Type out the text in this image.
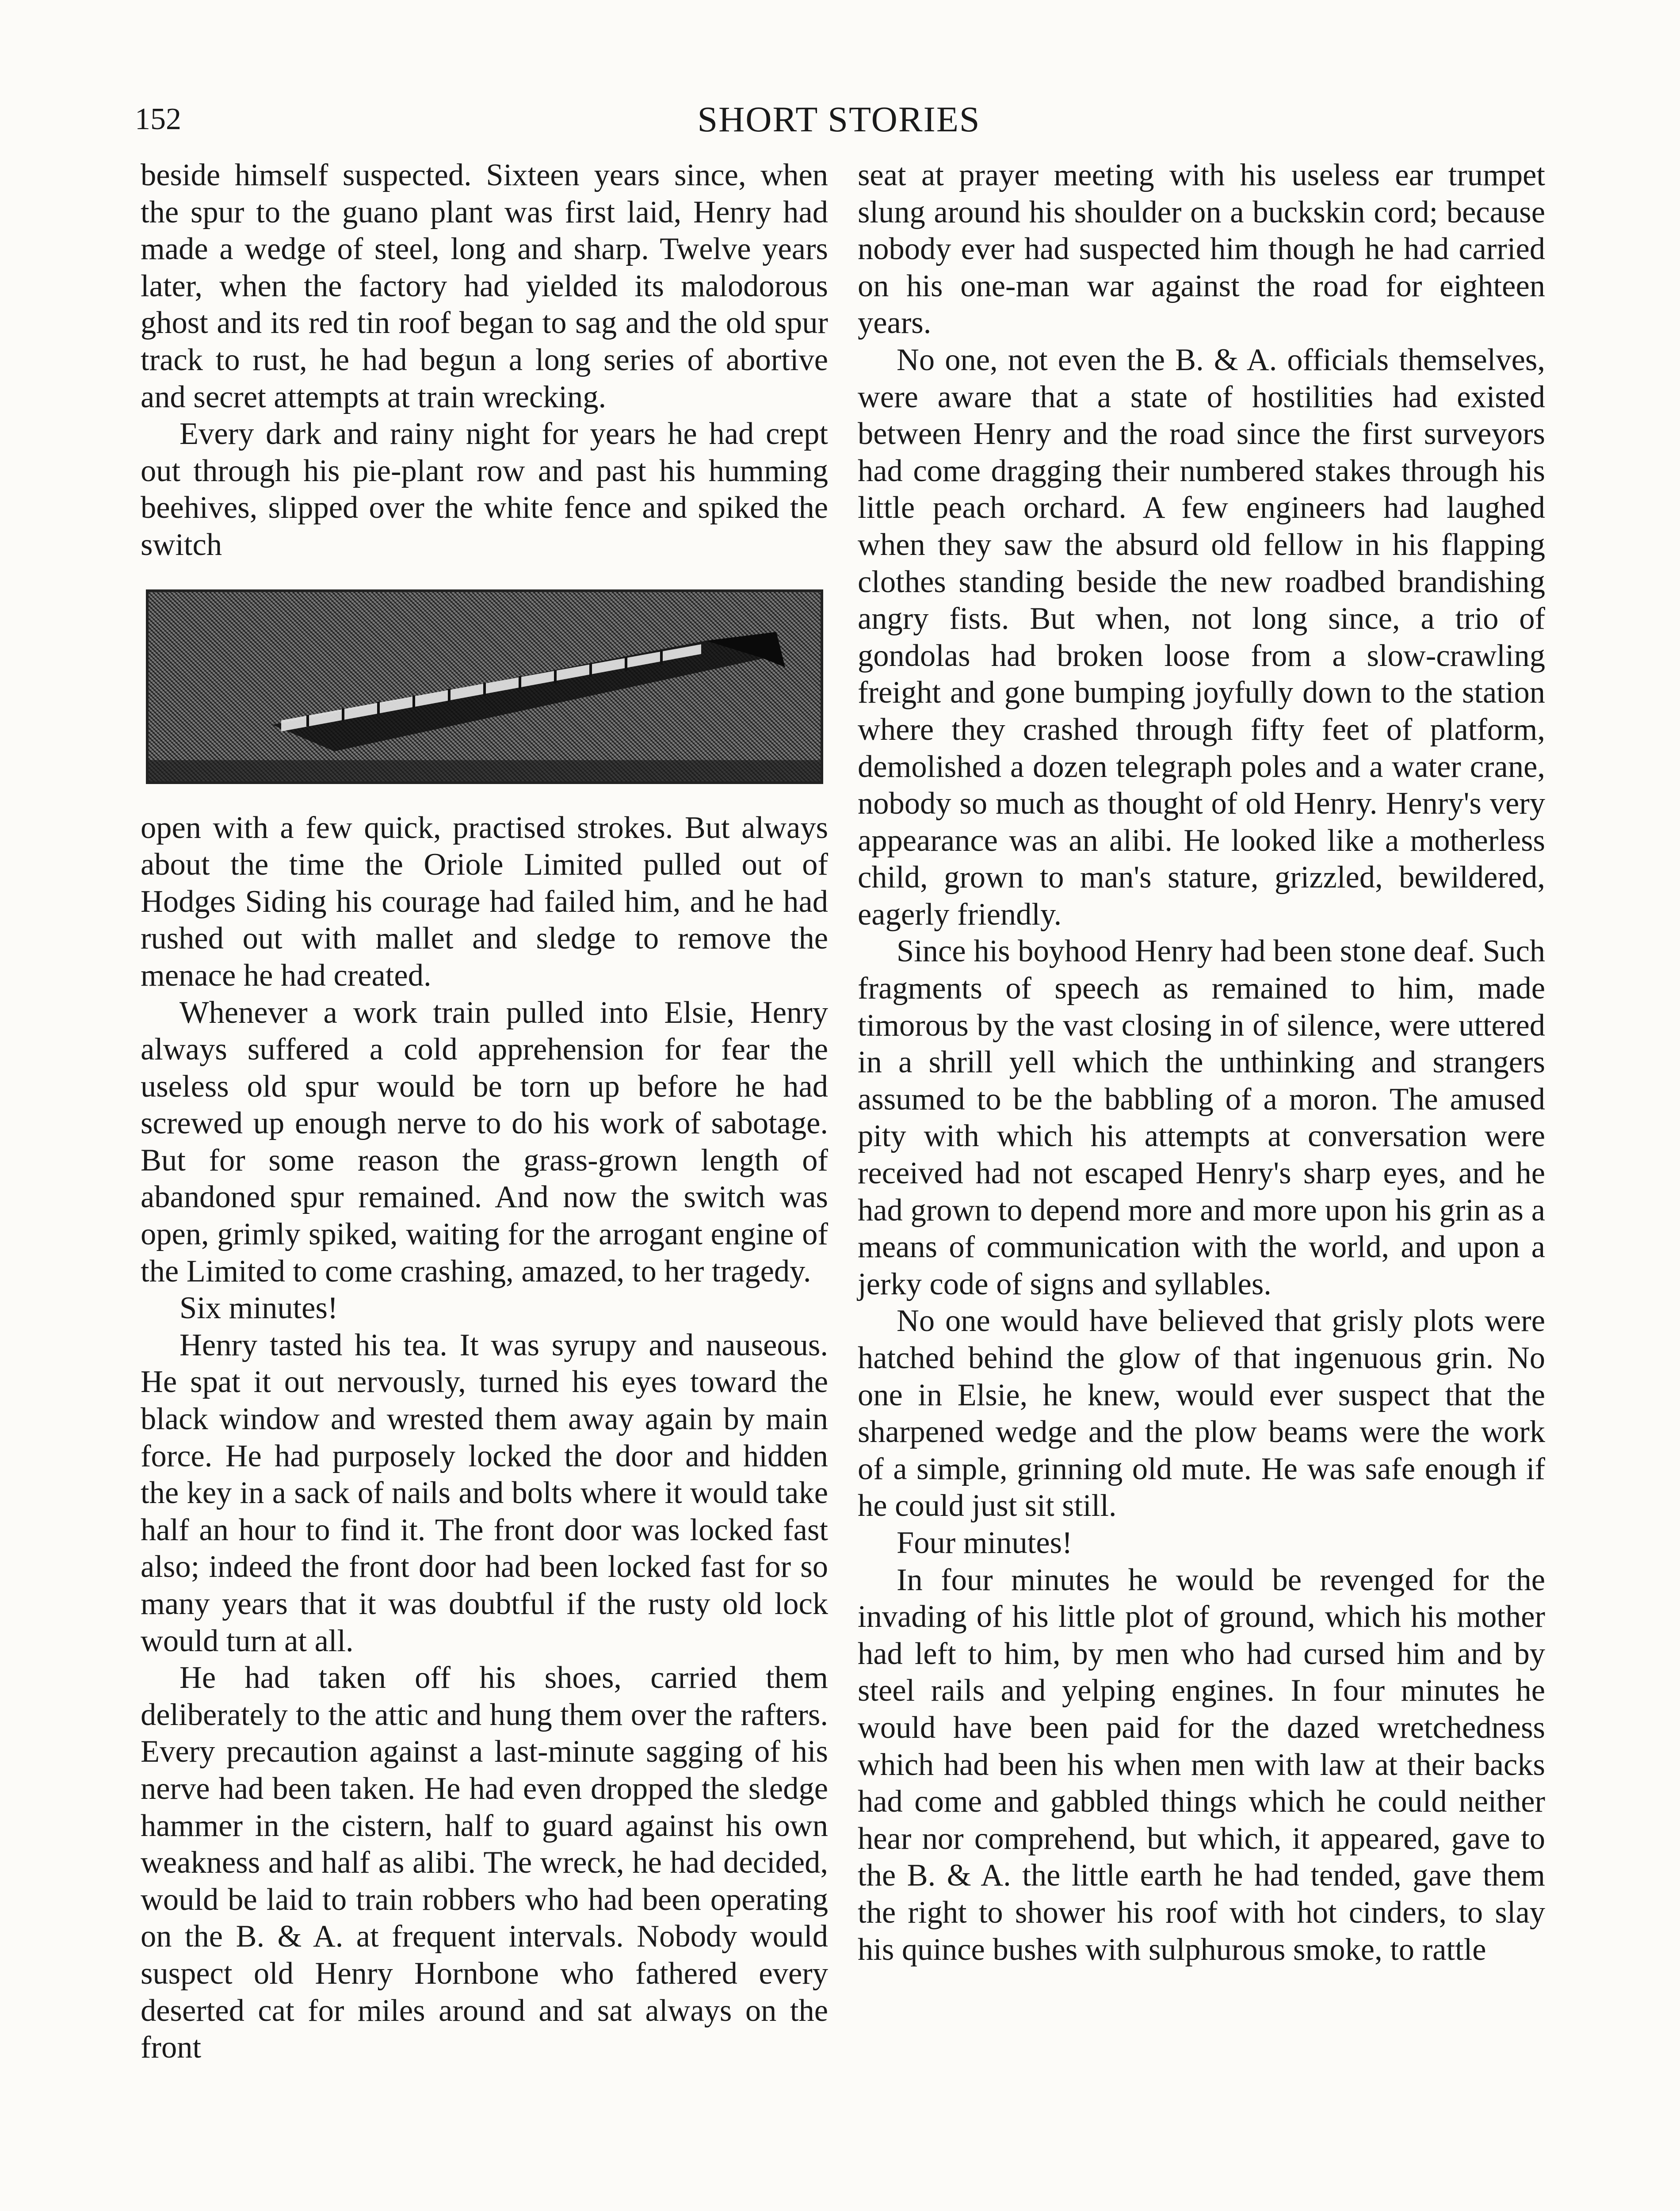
152	SHORT STORIES

beside himself suspected. Sixteen years since, when the spur to the guano plant was first laid, Henry had made a wedge of steel, long and sharp. Twelve years later, when the factory had yielded its malodorous ghost and its red tin roof began to sag and the old spur track to rust, he had begun a long series of abortive and secret attempts at train wrecking.

Every dark and rainy night for years he had crept out through his pie-plant row and past his humming beehives, slipped over the white fence and spiked the switch

open with a few quick, practised strokes. But always about the time the Oriole Limited pulled out of Hodges Siding his courage had failed him, and he had rushed out with mallet and sledge to remove the menace he had created.

Whenever a work train pulled into Elsie, Henry always suffered a cold apprehension for fear the useless old spur would be torn up before he had screwed up enough nerve to do his work of sabotage. But for some reason the grass-grown length of abandoned spur remained. And now the switch was open, grimly spiked, waiting for the arrogant engine of the Limited to come crashing, amazed, to her tragedy.

Six minutes!

Henry tasted his tea. It was syrupy and nauseous. He spat it out nervously, turned his eyes toward the black window and wrested them away again by main force. He had purposely locked the door and hidden the key in a sack of nails and bolts where it would take half an hour to find it. The front door was locked fast also; indeed the front door had been locked fast for so many years that it was doubtful if the rusty old lock would turn at all.

He had taken off his shoes, carried them deliberately to the attic and hung them over the rafters. Every precaution against a last-minute sagging of his nerve had been taken. He had even dropped the sledge hammer in the cistern, half to guard against his own weakness and half as alibi. The wreck, he had decided, would be laid to train robbers who had been operating on the B. & A. at frequent intervals. Nobody would suspect old Henry Hornbone who fathered every deserted cat for miles around and sat always on the front

seat at prayer meeting with his useless ear trumpet slung around his shoulder on a buckskin cord; because nobody ever had suspected him though he had carried on his one-man war against the road for eighteen years.

No one, not even the B. & A. officials themselves, were aware that a state of hostilities had existed between Henry and the road since the first surveyors had come dragging their numbered stakes through his little peach orchard. A few engineers had laughed when they saw the absurd old fellow in his flapping clothes standing beside the new roadbed brandishing angry fists. But when, not long since, a trio of gondolas had broken loose from a slow-crawling freight and gone bumping joyfully down to the station where they crashed through fifty feet of platform, demolished a dozen telegraph poles and a water crane, nobody so much as thought of old Henry. Henry's very appearance was an alibi. He looked like a motherless child, grown to man's stature, grizzled, bewildered, eagerly friendly.

Since his boyhood Henry had been stone deaf. Such fragments of speech as remained to him, made timorous by the vast closing in of silence, were uttered in a shrill yell which the unthinking and strangers assumed to be the babbling of a moron. The amused pity with which his attempts at conversation were received had not escaped Henry's sharp eyes, and he had grown to depend more and more upon his grin as a means of communication with the world, and upon a jerky code of signs and syllables.

No one would have believed that grisly plots were hatched behind the glow of that ingenuous grin. No one in Elsie, he knew, would ever suspect that the sharpened wedge and the plow beams were the work of a simple, grinning old mute. He was safe enough if he could just sit still.

Four minutes!

In four minutes he would be revenged for the invading of his little plot of ground, which his mother had left to him, by men who had cursed him and by steel rails and yelping engines. In four minutes he would have been paid for the dazed wretchedness which had been his when men with law at their backs had come and gabbled things which he could neither hear nor comprehend, but which, it appeared, gave to the B. & A. the little earth he had tended, gave them the right to shower his roof with hot cinders, to slay his quince bushes with sulphurous smoke, to rattle
